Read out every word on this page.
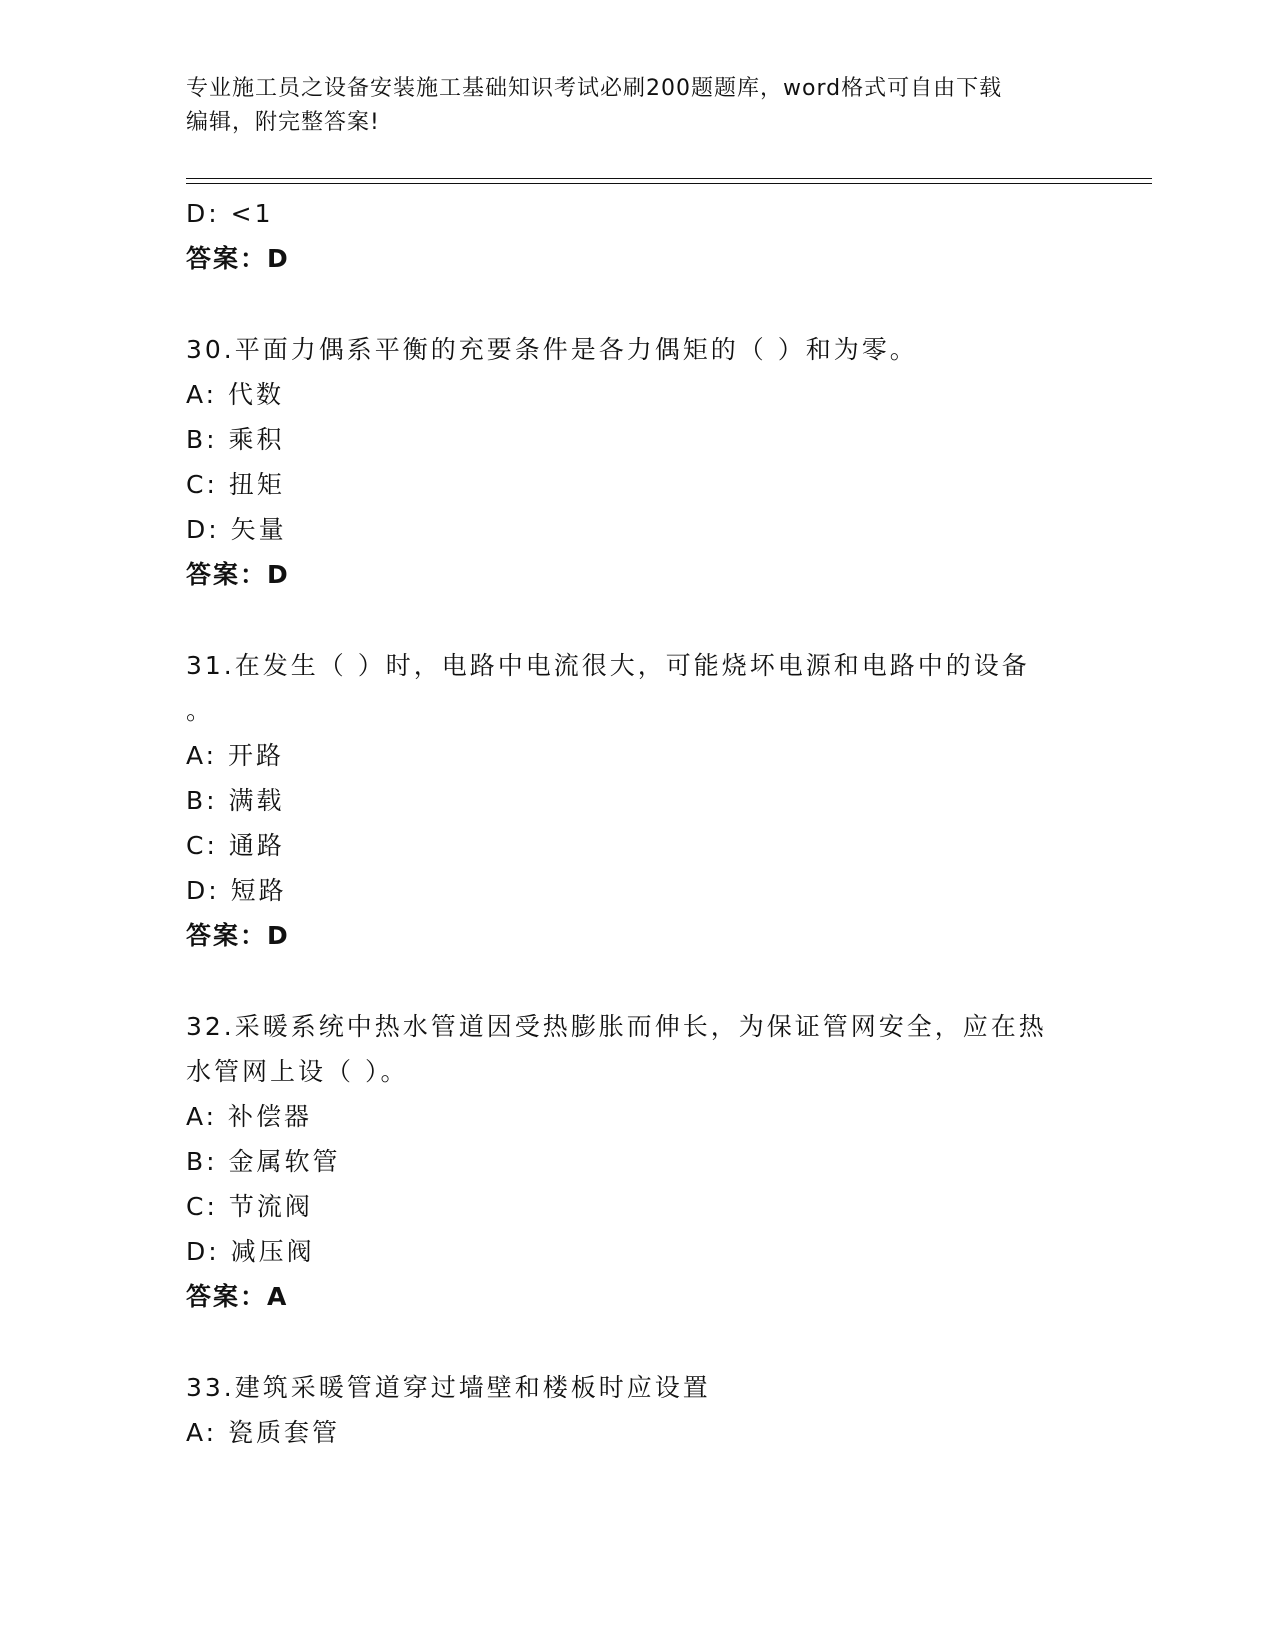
专业施工员之设备安装施工基础知识考试必刷200题题库，word格式可自由下载
编辑，附完整答案!
D: <1
答案：D
30.平面力偶系平衡的充要条件是各力偶矩的（ ）和为零。
A: 代数
B: 乘积
C: 扭矩
D: 矢量
答案：D
31.在发生（ ）时，电路中电流很大，可能烧坏电源和电路中的设备
。
A: 开路
B: 满载
C: 通路
D: 短路
答案：D
32.采暖系统中热水管道因受热膨胀而伸长，为保证管网安全，应在热
水管网上设（ ）。
A: 补偿器
B: 金属软管
C: 节流阀
D: 减压阀
答案：A
33.建筑采暖管道穿过墙壁和楼板时应设置
A: 瓷质套管
